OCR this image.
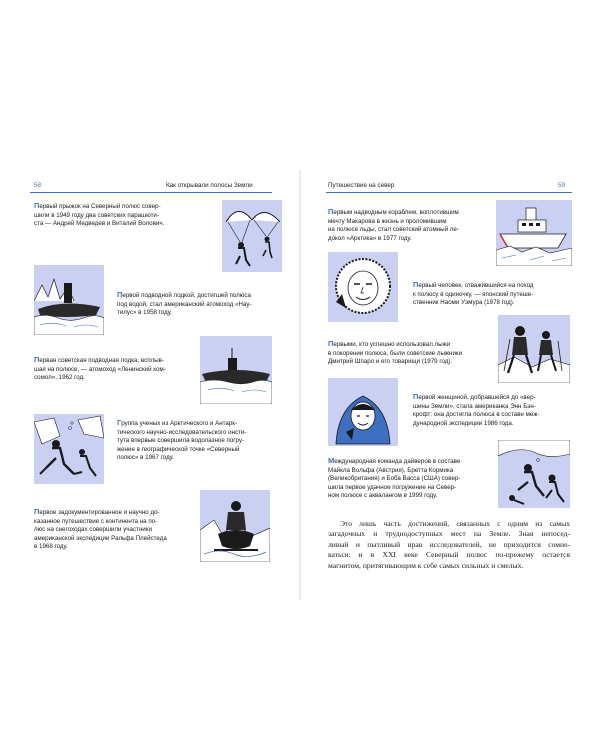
58	Как открывали полосы Земли
Первый прыжок на Северный полюс совер-
шили в 1949 году два советских парашюти-
ста — Андрей Медведев и Виталий Волович.
Первой подводной лодкой, достигшей полюса
под водой, стал американский атомоход «Нау-
тилус» в 1958 году.
Первая советская подводная лодка, всплыв-
шая на полюсе, — атомоход «Ленинский ком-
сомол», 1962 год.
Группа ученых из Арктического и Антарк-
тического научно-исследовательского инсти-
тута впервые совершила водолазное погру-
жение в географической точке «Северный
полюс» в 1967 году.
Первое задокументированное и научно до-
казанное путешествие с континента на по-
люс на снегоходах совершили участники
американской экспедиции Ральфа Плейстеда
в 1968 году.
Путешествие на север	59
Первым надводным кораблем, воплотившим
мечту Макарова в жизнь и проломившим
на полюсе льды, стал советский атомный ле-
докол «Арктика» в 1977 году.
Первый человек, отважившийся на поход
к полюсу в одиночку, — японский путеше-
ственник Наоми Уэмура (1978 год).
Первыми, кто успешно использовал лыжи
в покорении полюса, были советские лыжники
Дмитрий Шпаро и его товарищи (1979 год).
Первой женщиной, добравшейся до «вер-
шины Земли», стала американка Энн Бэн-
крофт: она достигла полюса в составе меж-
дународной экспедиции 1986 года.
Международная команда дайверов в составе
Майкла Вольфа (Австрия), Бретта Кормика
(Великобритания) и Боба Вассa (США) совер-
шила первое удачное погружение на Север-
ном полюсе с аквалангом в 1999 году.
Это лишь часть достижений, связанных с одним из самых
загадочных и труднодоступных мест на Земле. Зная непосед-
ливый и пытливый нрав исследователей, не приходится сомне-
ваться: и в XXI веке Северный полюс по-прежему остается
магнитом, притягивающим к себе самых сильных и смелых.
